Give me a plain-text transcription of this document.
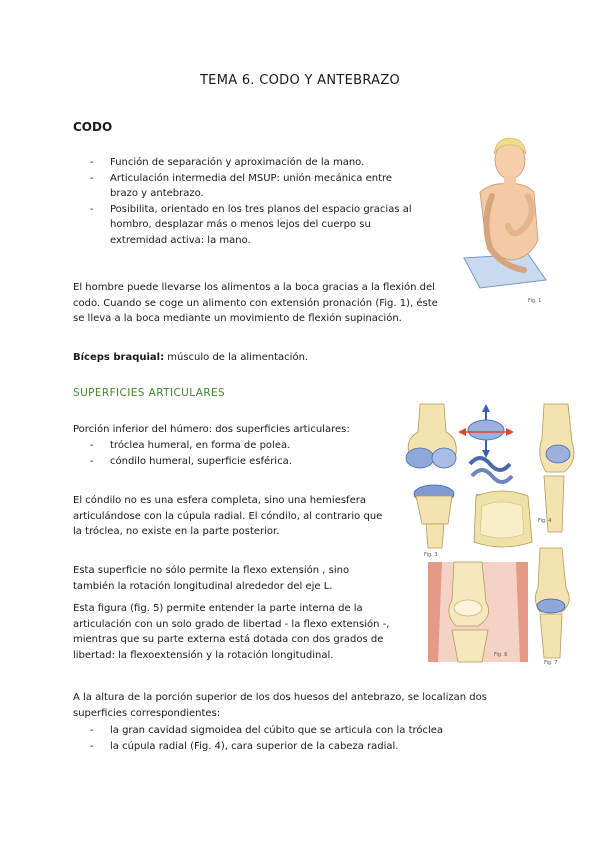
TEMA 6. CODO Y ANTEBRAZO
CODO
- Función de separación y aproximación de la mano.
- Articulación intermedia del MSUP: unión mecánica entre brazo y antebrazo.
- Posibilita, orientado en los tres planos del espacio gracias al hombro, desplazar más o menos lejos del cuerpo su extremidad activa: la mano.

El hombre puede llevarse los alimentos a la boca gracias a la flexión del codo. Cuando se coge un alimento con extensión pronación (Fig. 1), éste se lleva a la boca mediante un movimiento de flexión supinación.

Bíceps braquial: músculo de la alimentación.

SUPERFICIES ARTICULARES

Porción inferior del húmero: dos superficies articulares:

- tróclea humeral, en forma de polea.
- cóndilo humeral, superficie esférica.

El cóndilo no es una esfera completa, sino una hemiesfera articulándose con la cúpula radial. El cóndilo, al contrario que la tróclea, no existe en la parte posterior.

Esta superficie no sólo permite la flexo extensión , sino también la rotación longitudinal alrededor del eje L.

Esta figura (fig. 5) permite entender la parte interna de la articulación con un solo grado de libertad - la flexo extensión -, mientras que su parte externa está dotada con dos grados de libertad: la flexoextensión y la rotación longitudinal.

A la altura de la porción superior de los dos huesos del antebrazo, se localizan dos superficies correspondientes:

- la gran cavidad sigmoidea del cúbito que se articula con la tróclea
- la cúpula radial (Fig. 4), cara superior de la cabeza radial.
Fig. 1
Fig. 3
Fig. 4
Fig. 6
Fig. 7
